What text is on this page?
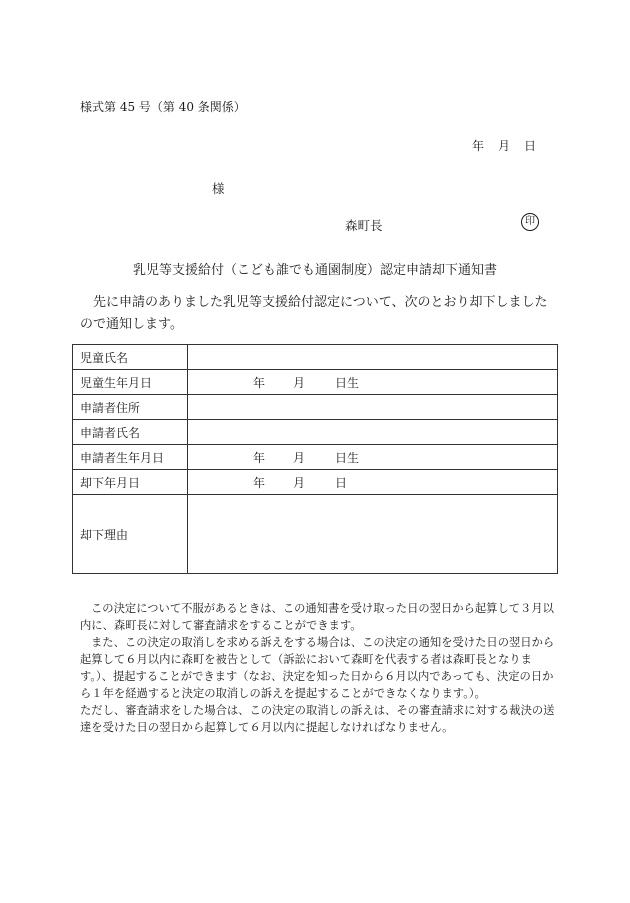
様式第 45 号（第 40 条関係）
年 月 日
様
森町長	印
乳児等支援給付（こども誰でも通園制度）認定申請却下通知書
先に申請のありました乳児等支援給付認定について、次のとおり却下しましたので通知します。
児童氏名	
児童生年月日	年 月 日生

申請者住所	
申請者氏名	
申請者生年月日	年 月 日生

却下年月日	年 月 日

却下理由	

この決定について不服があるときは、この通知書を受け取った日の翌日から起算して３月以内に、森町長に対して審査請求をすることができます。

また、この決定の取消しを求める訴えをする場合は、この決定の通知を受けた日の翌日から起算して６月以内に森町を被告として（訴訟において森町を代表する者は森町長となります。）、提起することができます（なお、決定を知った日から６月以内であっても、決定の日から１年を経過すると決定の取消しの訴えを提起することができなくなります。）。

ただし、審査請求をした場合は、この決定の取消しの訴えは、その審査請求に対する裁決の送達を受けた日の翌日から起算して６月以内に提起しなければなりません。
